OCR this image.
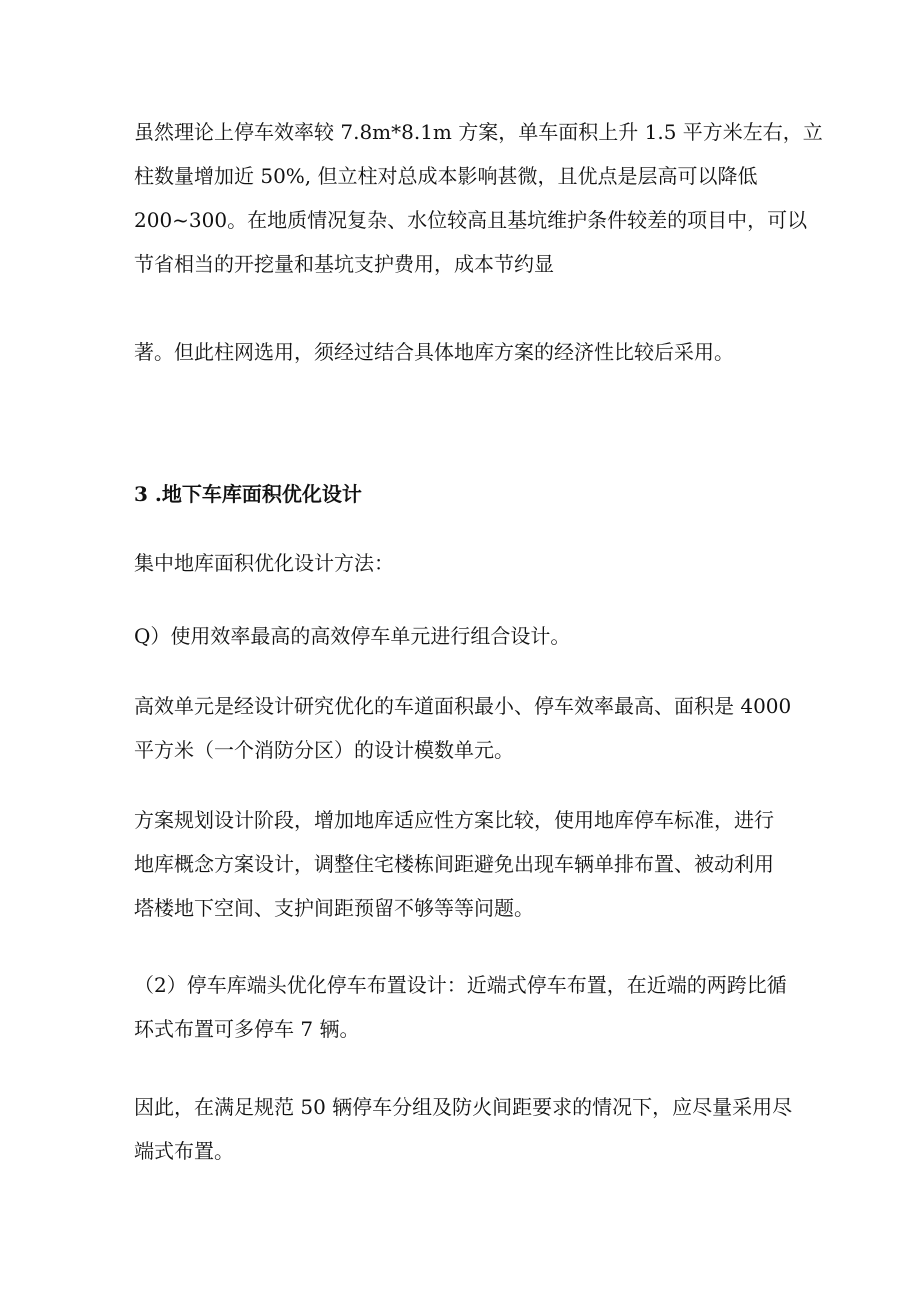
虽然理论上停车效率较 7.8m*8.1m 方案，单车面积上升 1.5 平方米左右，立
柱数量增加近 50%, 但立柱对总成本影响甚微，且优点是层高可以降低
200~300。在地质情况复杂、水位较高且基坑维护条件较差的项目中，可以
节省相当的开挖量和基坑支护费用，成本节约显

著。但此柱网选用，须经过结合具体地库方案的经济性比较后采用。

3 .地下车库面积优化设计

集中地库面积优化设计方法：

Q）使用效率最高的高效停车单元进行组合设计。

高效单元是经设计研究优化的车道面积最小、停车效率最高、面积是 4000
平方米（一个消防分区）的设计模数单元。

方案规划设计阶段，增加地库适应性方案比较，使用地库停车标准，进行
地库概念方案设计，调整住宅楼栋间距避免出现车辆单排布置、被动利用
塔楼地下空间、支护间距预留不够等等问题。

（2）停车库端头优化停车布置设计：近端式停车布置，在近端的两跨比循
环式布置可多停车 7 辆。

因此，在满足规范 50 辆停车分组及防火间距要求的情况下，应尽量采用尽
端式布置。
